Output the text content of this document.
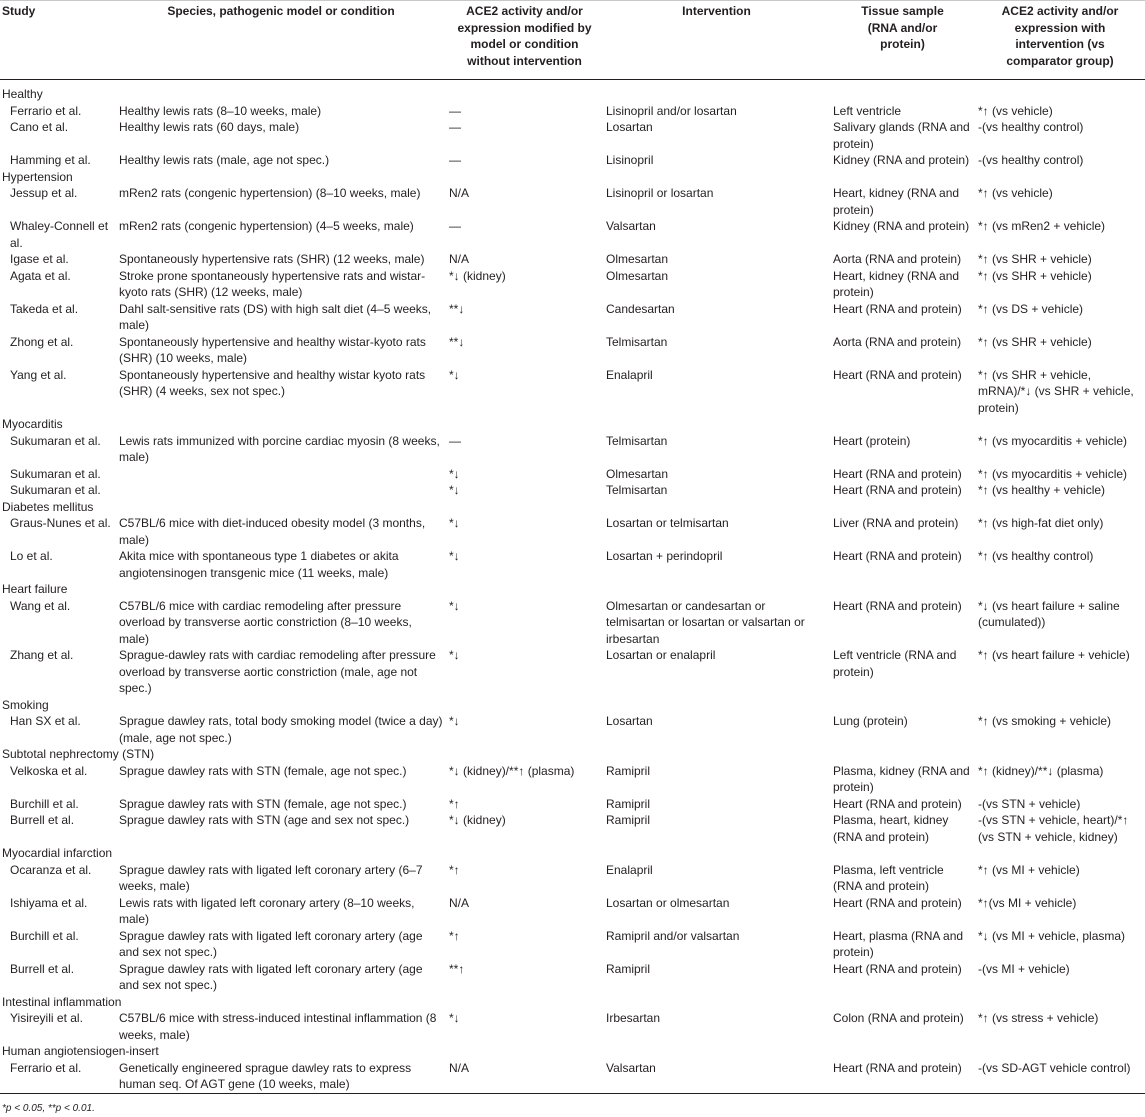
Study	Species, pathogenic model or condition	ACE2 activity and/or expression modified by model or condition without intervention	Intervention	Tissue sample (RNA and/or protein)	ACE2 activity and/or expression with intervention (vs comparator group)

Healthy					
Ferrario et al.	Healthy lewis rats (8–10 weeks, male)	—	Lisinopril and/or losartan	Left ventricle	*↑ (vs vehicle)
Cano et al.	Healthy lewis rats (60 days, male)	—	Losartan	Salivary glands (RNA and protein)	-(vs healthy control)
Hamming et al.	Healthy lewis rats (male, age not spec.)	—	Lisinopril	Kidney (RNA and protein)	-(vs healthy control)
Hypertension					
Jessup et al.	mRen2 rats (congenic hypertension) (8–10 weeks, male)	N/A	Lisinopril or losartan	Heart, kidney (RNA and protein)	*↑ (vs vehicle)
Whaley-Connell et al.	mRen2 rats (congenic hypertension) (4–5 weeks, male)	—	Valsartan	Kidney (RNA and protein)	*↑ (vs mRen2 + vehicle)
Igase et al.	Spontaneously hypertensive rats (SHR) (12 weeks, male)	N/A	Olmesartan	Aorta (RNA and protein)	*↑ (vs SHR + vehicle)
Agata et al.	Stroke prone spontaneously hypertensive rats and wistar-kyoto rats (SHR) (12 weeks, male)	*↓ (kidney)	Olmesartan	Heart, kidney (RNA and protein)	*↑ (vs SHR + vehicle)
Takeda et al.	Dahl salt-sensitive rats (DS) with high salt diet (4–5 weeks, male)	**↓	Candesartan	Heart (RNA and protein)	*↑ (vs DS + vehicle)
Zhong et al.	Spontaneously hypertensive and healthy wistar-kyoto rats (SHR) (10 weeks, male)	**↓	Telmisartan	Aorta (RNA and protein)	*↑ (vs SHR + vehicle)
Yang et al.	Spontaneously hypertensive and healthy wistar kyoto rats (SHR) (4 weeks, sex not spec.)	*↓	Enalapril	Heart (RNA and protein)	*↑ (vs SHR + vehicle, mRNA)/*↓ (vs SHR + vehicle, protein)
Myocarditis					
Sukumaran et al.	Lewis rats immunized with porcine cardiac myosin (8 weeks, male)	—	Telmisartan	Heart (protein)	*↑ (vs myocarditis + vehicle)
Sukumaran et al.		*↓	Olmesartan	Heart (RNA and protein)	*↑ (vs myocarditis + vehicle)
Sukumaran et al.		*↓	Telmisartan	Heart (RNA and protein)	*↑ (vs healthy + vehicle)
Diabetes mellitus					
Graus-Nunes et al.	C57BL/6 mice with diet-induced obesity model (3 months, male)	*↓	Losartan or telmisartan	Liver (RNA and protein)	*↑ (vs high-fat diet only)
Lo et al.	Akita mice with spontaneous type 1 diabetes or akita angiotensinogen transgenic mice (11 weeks, male)	*↓	Losartan + perindopril	Heart (RNA and protein)	*↑ (vs healthy control)
Heart failure					
Wang et al.	C57BL/6 mice with cardiac remodeling after pressure overload by transverse aortic constriction (8–10 weeks, male)	*↓	Olmesartan or candesartan or telmisartan or losartan or valsartan or irbesartan	Heart (RNA and protein)	*↓ (vs heart failure + saline (cumulated))
Zhang et al.	Sprague-dawley rats with cardiac remodeling after pressure overload by transverse aortic constriction (male, age not spec.)	*↓	Losartan or enalapril	Left ventricle (RNA and protein)	*↑ (vs heart failure + vehicle)
Smoking					
Han SX et al.	Sprague dawley rats, total body smoking model (twice a day) (male, age not spec.)	*↓	Losartan	Lung (protein)	*↑ (vs smoking + vehicle)
Subtotal nephrectomy (STN)					
Velkoska et al.	Sprague dawley rats with STN (female, age not spec.)	*↓ (kidney)/**↑ (plasma)	Ramipril	Plasma, kidney (RNA and protein)	*↑ (kidney)/**↓ (plasma)
Burchill et al.	Sprague dawley rats with STN (female, age not spec.)	*↑	Ramipril	Heart (RNA and protein)	-(vs STN + vehicle)
Burrell et al.	Sprague dawley rats with STN (age and sex not spec.)	*↓ (kidney)	Ramipril	Plasma, heart, kidney (RNA and protein)	-(vs STN + vehicle, heart)/*↑ (vs STN + vehicle, kidney)
Myocardial infarction					
Ocaranza et al.	Sprague dawley rats with ligated left coronary artery (6–7 weeks, male)	*↑	Enalapril	Plasma, left ventricle (RNA and protein)	*↑ (vs MI + vehicle)
Ishiyama et al.	Lewis rats with ligated left coronary artery (8–10 weeks, male)	N/A	Losartan or olmesartan	Heart (RNA and protein)	*↑(vs MI + vehicle)
Burchill et al.	Sprague dawley rats with ligated left coronary artery (age and sex not spec.)	*↑	Ramipril and/or valsartan	Heart, plasma (RNA and protein)	*↓ (vs MI + vehicle, plasma)
Burrell et al.	Sprague dawley rats with ligated left coronary artery (age and sex not spec.)	**↑	Ramipril	Heart (RNA and protein)	-(vs MI + vehicle)
Intestinal inflammation					
Yisireyili et al.	C57BL/6 mice with stress-induced intestinal inflammation (8 weeks, male)	*↓	Irbesartan	Colon (RNA and protein)	*↑ (vs stress + vehicle)
Human angiotensiogen-insert					
Ferrario et al.	Genetically engineered sprague dawley rats to express human seq. Of AGT gene (10 weeks, male)	N/A	Valsartan	Heart (RNA and protein)	-(vs SD-AGT vehicle control)
*p < 0.05, **p < 0.01.
